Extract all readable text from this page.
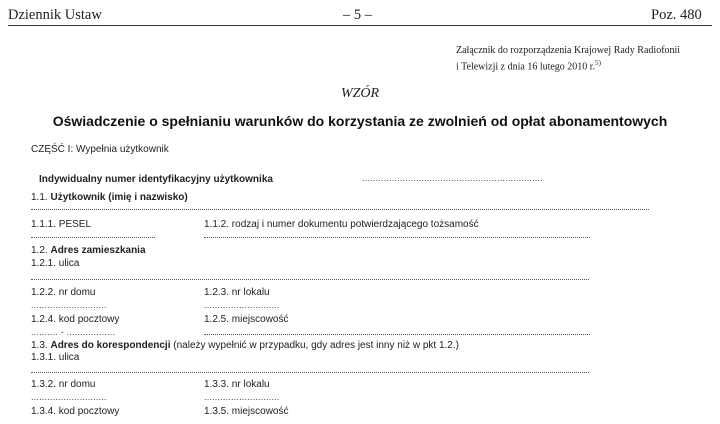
Dziennik Ustaw	– 5 –	Poz. 480
Załącznik do rozporządzenia Krajowej Rady Radiofonii
i Telewizji z dnia 16 lutego 2010 r.$^{5)}$
WZÓR
Oświadczenie o spełnianiu warunków do korzystania ze zwolnień od opłat abonamentowych
CZĘŚĆ I: Wypełnia użytkownik
Indywidualny numer identyfikacyjny użytkownika	...................................................................
1.1. Użytkownik (imię i nazwisko)
1.1.1. PESEL	1.1.2. rodzaj i numer dokumentu potwierdzającego tożsamość
1.2. Adres zamieszkania
1.2.1. ulica
1.2.2. nr domu	1.2.3. nr lokalu
............................	............................
1.2.4. kod pocztowy	1.2.5. miejscowość
.......... - ..................
1.3. Adres do korespondencji (należy wypełnić w przypadku, gdy adres jest inny niż w pkt 1.2.)
1.3.1. ulica
1.3.2. nr domu	1.3.3. nr lokalu
............................	............................
1.3.4. kod pocztowy	1.3.5. miejscowość
